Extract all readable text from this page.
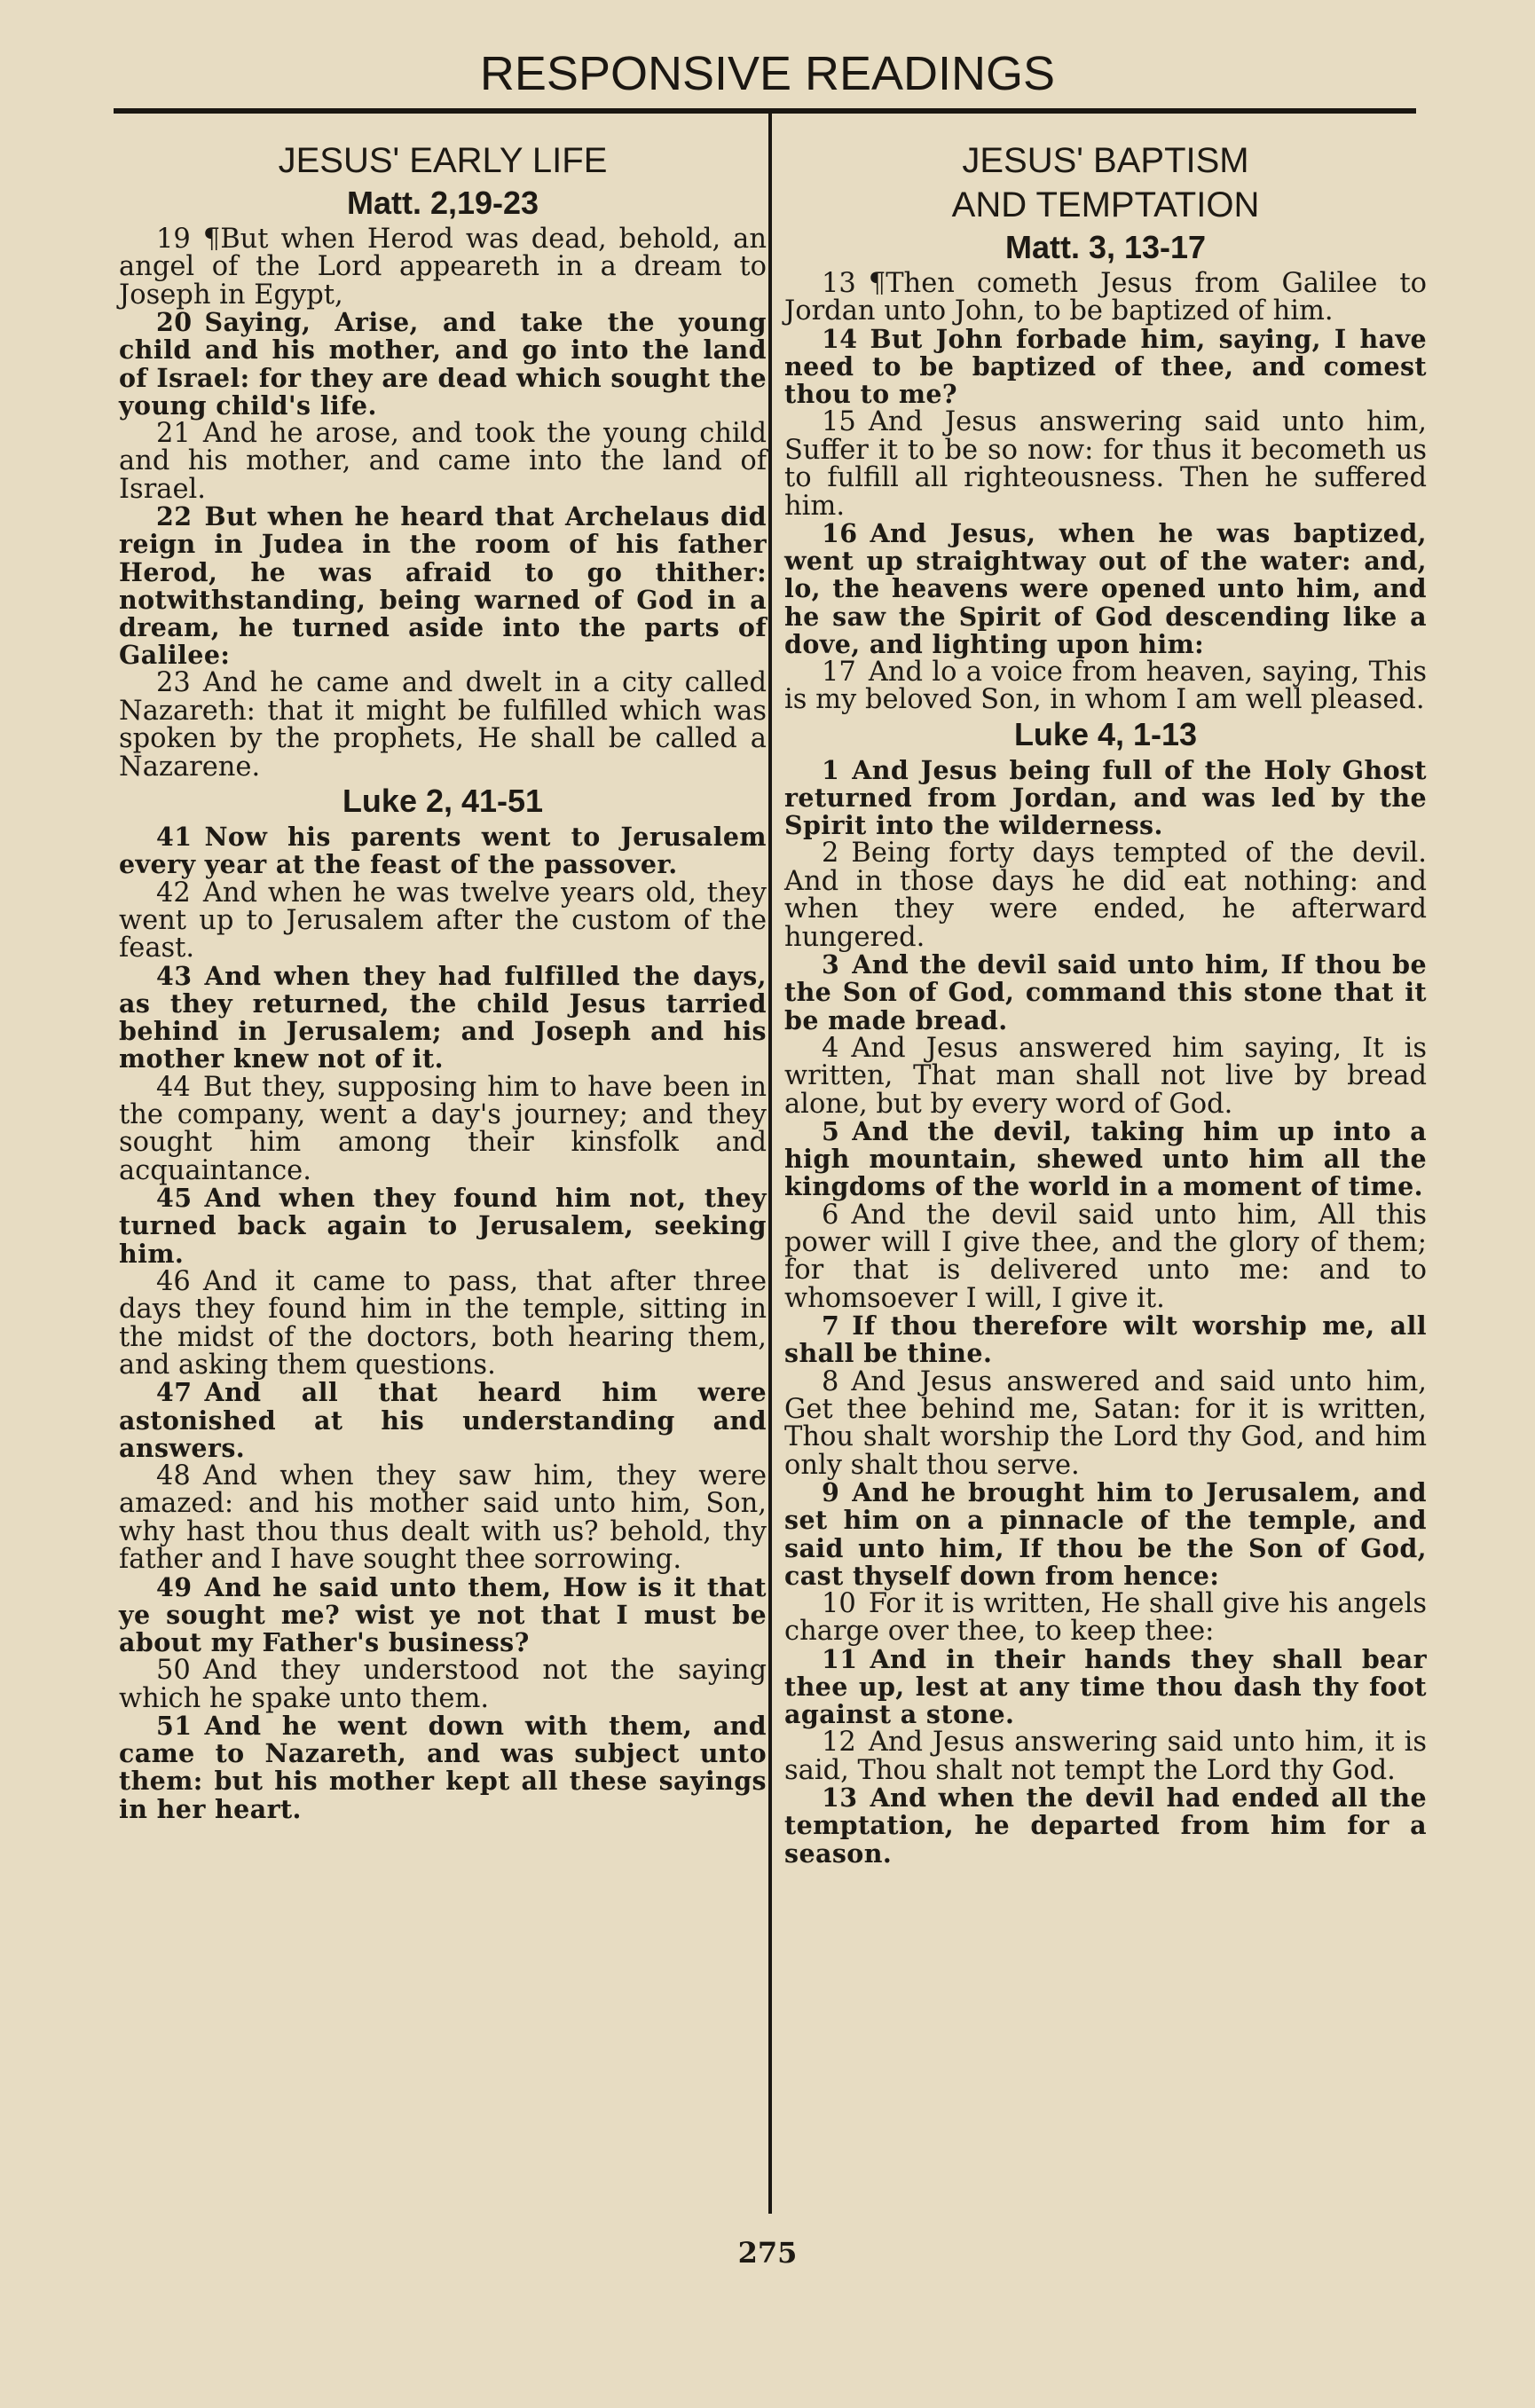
RESPONSIVE READINGS
JESUS' EARLY LIFE
Matt. 2,19-23

19 ¶But when Herod was dead, behold, an angel of the Lord appeareth in a dream to Joseph in Egypt,

20 Saying, Arise, and take the young child and his mother, and go into the land of Israel: for they are dead which sought the young child's life.

21 And he arose, and took the young child and his mother, and came into the land of Israel.

22 But when he heard that Archelaus did reign in Judea in the room of his father Herod, he was afraid to go thither: notwithstanding, being warned of God in a dream, he turned aside into the parts of Galilee:

23 And he came and dwelt in a city called Nazareth: that it might be fulfilled which was spoken by the prophets, He shall be called a Nazarene.

Luke 2, 41-51

41 Now his parents went to Jerusalem every year at the feast of the passover.

42 And when he was twelve years old, they went up to Jerusalem after the custom of the feast.

43 And when they had fulfilled the days, as they returned, the child Jesus tarried behind in Jerusalem; and Joseph and his mother knew not of it.

44 But they, supposing him to have been in the company, went a day's journey; and they sought him among their kinsfolk and acquaintance.

45 And when they found him not, they turned back again to Jerusalem, seeking him.

46 And it came to pass, that after three days they found him in the temple, sitting in the midst of the doctors, both hearing them, and asking them questions.

47 And all that heard him were astonished at his understanding and answers.

48 And when they saw him, they were amazed: and his mother said unto him, Son, why hast thou thus dealt with us? behold, thy father and I have sought thee sorrowing.

49 And he said unto them, How is it that ye sought me? wist ye not that I must be about my Father's business?

50 And they understood not the saying which he spake unto them.

51 And he went down with them, and came to Nazareth, and was subject unto them: but his mother kept all these sayings in her heart.

JESUS' BAPTISM
AND TEMPTATION
Matt. 3, 13-17

13 ¶Then cometh Jesus from Galilee to Jordan unto John, to be baptized of him.

14 But John forbade him, saying, I have need to be baptized of thee, and comest thou to me?

15 And Jesus answering said unto him, Suffer it to be so now: for thus it becometh us to fulfill all righteousness. Then he suffered him.

16 And Jesus, when he was baptized, went up straightway out of the water: and, lo, the heavens were opened unto him, and he saw the Spirit of God descending like a dove, and lighting upon him:

17 And lo a voice from heaven, saying, This is my beloved Son, in whom I am well pleased.

Luke 4, 1-13

1 And Jesus being full of the Holy Ghost returned from Jordan, and was led by the Spirit into the wilderness.

2 Being forty days tempted of the devil. And in those days he did eat nothing: and when they were ended, he afterward hungered.

3 And the devil said unto him, If thou be the Son of God, command this stone that it be made bread.

4 And Jesus answered him saying, It is written, That man shall not live by bread alone, but by every word of God.

5 And the devil, taking him up into a high mountain, shewed unto him all the kingdoms of the world in a moment of time.

6 And the devil said unto him, All this power will I give thee, and the glory of them; for that is delivered unto me: and to whomsoever I will, I give it.

7 If thou therefore wilt worship me, all shall be thine.

8 And Jesus answered and said unto him, Get thee behind me, Satan: for it is written, Thou shalt worship the Lord thy God, and him only shalt thou serve.

9 And he brought him to Jerusalem, and set him on a pinnacle of the temple, and said unto him, If thou be the Son of God, cast thyself down from hence:

10 For it is written, He shall give his angels charge over thee, to keep thee:

11 And in their hands they shall bear thee up, lest at any time thou dash thy foot against a stone.

12 And Jesus answering said unto him, it is said, Thou shalt not tempt the Lord thy God.

13 And when the devil had ended all the temptation, he departed from him for a season.

275
